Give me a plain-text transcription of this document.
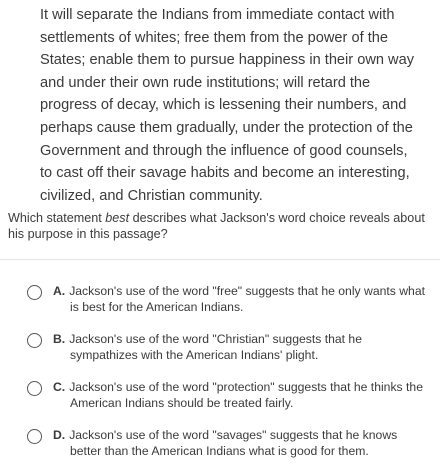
It will separate the Indians from immediate contact with
settlements of whites; free them from the power of the
States; enable them to pursue happiness in their own way
and under their own rude institutions; will retard the
progress of decay, which is lessening their numbers, and
perhaps cause them gradually, under the protection of the
Government and through the influence of good counsels,
to cast off their savage habits and become an interesting,
civilized, and Christian community.
Which statement best describes what Jackson's word choice reveals about
his purpose in this passage?
A. Jackson's use of the word "free" suggests that he only wants what
is best for the American Indians.
B. Jackson's use of the word "Christian" suggests that he
sympathizes with the American Indians' plight.
C. Jackson's use of the word "protection" suggests that he thinks the
American Indians should be treated fairly.
D. Jackson's use of the word "savages" suggests that he knows
better than the American Indians what is good for them.
